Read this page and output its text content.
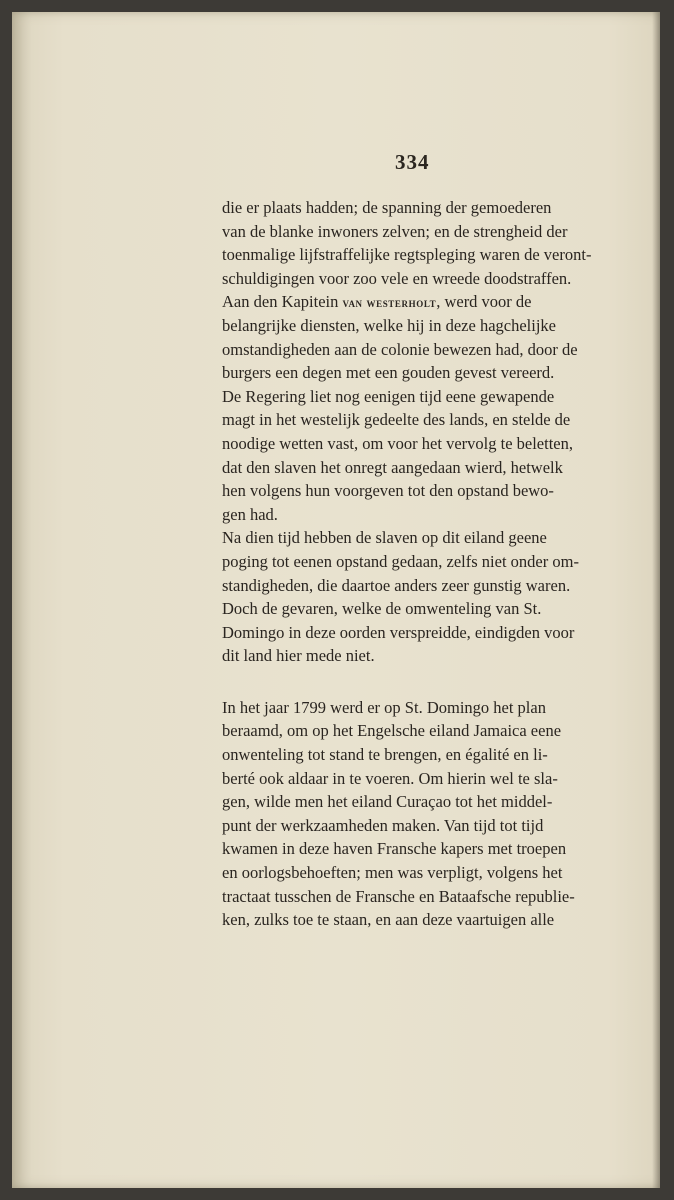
334
die er plaats hadden; de spanning der gemoederen
van de blanke inwoners zelven; en de strengheid der
toenmalige lijfstraffelijke regtspleging waren de veront-
schuldigingen voor zoo vele en wreede doodstraffen.
Aan den Kapitein van westerholt, werd voor de
belangrijke diensten, welke hij in deze hagchelijke
omstandigheden aan de colonie bewezen had, door de
burgers een degen met een gouden gevest vereerd.
De Regering liet nog eenigen tijd eene gewapende
magt in het westelijk gedeelte des lands, en stelde de
noodige wetten vast, om voor het vervolg te beletten,
dat den slaven het onregt aangedaan wierd, hetwelk
hen volgens hun voorgeven tot den opstand bewo-
gen had.
Na dien tijd hebben de slaven op dit eiland geene
poging tot eenen opstand gedaan, zelfs niet onder om-
standigheden, die daartoe anders zeer gunstig waren.
Doch de gevaren, welke de omwenteling van St.
Domingo in deze oorden verspreidde, eindigden voor
dit land hier mede niet.
In het jaar 1799 werd er op St. Domingo het plan
beraamd, om op het Engelsche eiland Jamaica eene
onwenteling tot stand te brengen, en égalité en li-
berté ook aldaar in te voeren. Om hierin wel te sla-
gen, wilde men het eiland Curaçao tot het middel-
punt der werkzaamheden maken. Van tijd tot tijd
kwamen in deze haven Fransche kapers met troepen
en oorlogsbehoeften; men was verpligt, volgens het
tractaat tusschen de Fransche en Bataafsche republie-
ken, zulks toe te staan, en aan deze vaartuigen alle
